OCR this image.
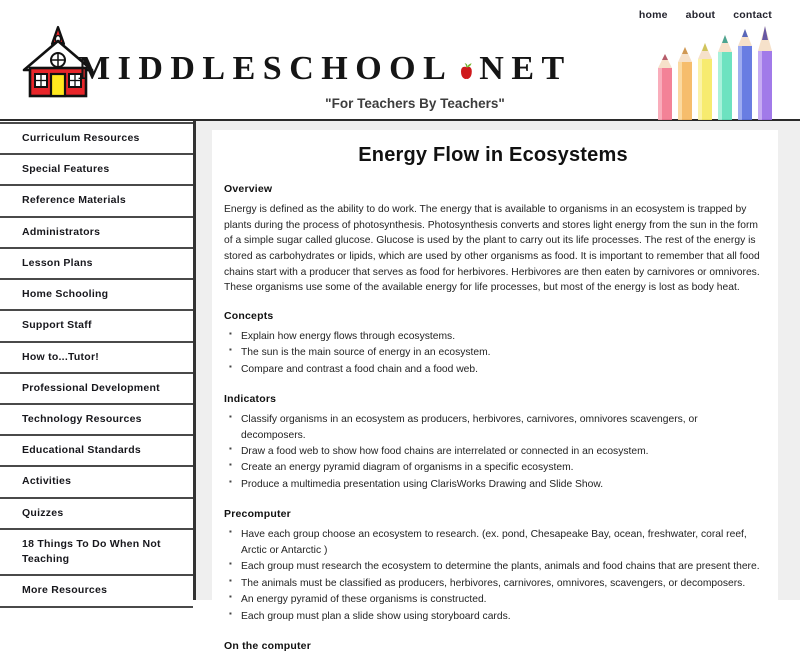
home about contact
MIDDLESCHOOL NET
"For Teachers By Teachers"
Curriculum Resources
Special Features
Reference Materials
Administrators
Lesson Plans
Home Schooling
Support Staff
How to...Tutor!
Professional Development
Technology Resources
Educational Standards
Activities
Quizzes
18 Things To Do When Not Teaching
More Resources
Energy Flow in Ecosystems
Overview

Energy is defined as the ability to do work. The energy that is available to organisms in an ecosystem is trapped by plants during the process of photosynthesis. Photosynthesis converts and stores light energy from the sun in the form of a simple sugar called glucose. Glucose is used by the plant to carry out its life processes. The rest of the energy is stored as carbohydrates or lipids, which are used by other organisms as food. It is important to remember that all food chains start with a producer that serves as food for herbivores. Herbivores are then eaten by carnivores or omnivores. These organisms use some of the available energy for life processes, but most of the energy is lost as body heat.

Concepts
▪ Explain how energy flows through ecosystems.
▪ The sun is the main source of energy in an ecosystem.
▪ Compare and contrast a food chain and a food web.
Indicators
▪ Classify organisms in an ecosystem as producers, herbivores, carnivores, omnivores scavengers, or decomposers.
▪ Draw a food web to show how food chains are interrelated or connected in an ecosystem.
▪ Create an energy pyramid diagram of organisms in a specific ecosystem.
▪ Produce a multimedia presentation using ClarisWorks Drawing and Slide Show.
Precomputer
▪ Have each group choose an ecosystem to research. (ex. pond, Chesapeake Bay, ocean, freshwater, coral reef, Arctic or Antarctic )
▪ Each group must research the ecosystem to determine the plants, animals and food chains that are present there.
▪ The animals must be classified as producers, herbivores, carnivores, omnivores, scavengers, or decomposers.
▪ An energy pyramid of these organisms is constructed.
▪ Each group must plan a slide show using storyboard cards.
On the computer
